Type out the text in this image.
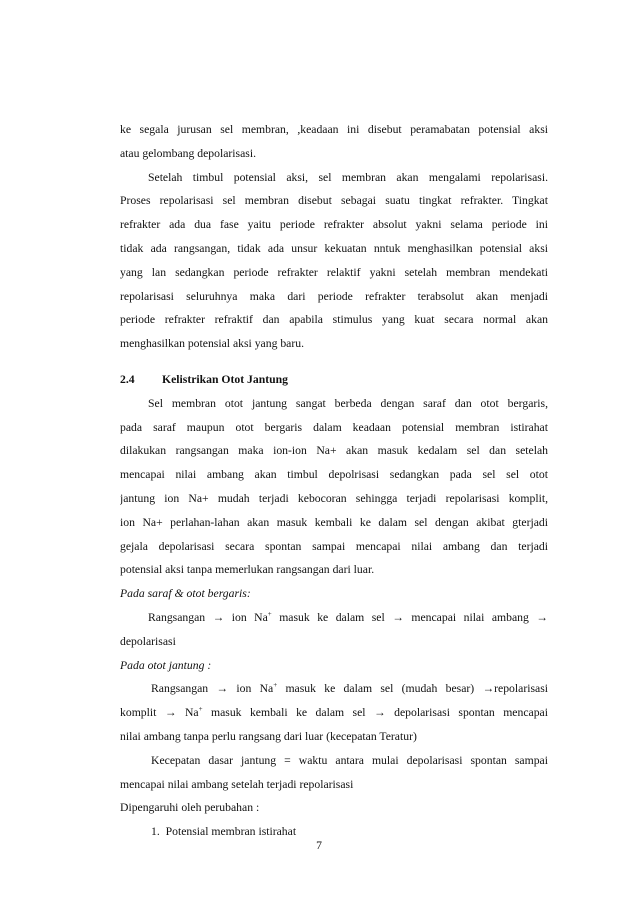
ke segala jurusan sel membran, ,keadaan ini disebut peramabatan potensial aksi
atau gelombang depolarisasi.
Setelah timbul potensial aksi, sel membran akan mengalami repolarisasi.
Proses repolarisasi sel membran disebut sebagai suatu tingkat refrakter. Tingkat
refrakter ada dua fase yaitu periode refrakter absolut yakni selama periode ini
tidak ada rangsangan, tidak ada unsur kekuatan nntuk menghasilkan potensial aksi
yang lan sedangkan periode refrakter relaktif yakni setelah membran mendekati
repolarisasi seluruhnya maka dari periode refrakter terabsolut akan menjadi
periode refrakter refraktif dan apabila stimulus yang kuat secara normal akan
menghasilkan potensial aksi yang baru.
2.4 Kelistrikan Otot Jantung
Sel membran otot jantung sangat berbeda dengan saraf dan otot bergaris,
pada saraf maupun otot bergaris dalam keadaan potensial membran istirahat
dilakukan rangsangan maka ion-ion Na+ akan masuk kedalam sel dan setelah
mencapai nilai ambang akan timbul depolrisasi sedangkan pada sel sel otot
jantung ion Na+ mudah terjadi kebocoran sehingga terjadi repolarisasi komplit,
ion Na+ perlahan-lahan akan masuk kembali ke dalam sel dengan akibat gterjadi
gejala depolarisasi secara spontan sampai mencapai nilai ambang dan terjadi
potensial aksi tanpa memerlukan rangsangan dari luar.
Pada saraf & otot bergaris:
Rangsangan → ion Na+ masuk ke dalam sel → mencapai nilai ambang →
depolarisasi
Pada otot jantung :
Rangsangan → ion Na+ masuk ke dalam sel (mudah besar) →repolarisasi
komplit → Na+ masuk kembali ke dalam sel → depolarisasi spontan mencapai
nilai ambang tanpa perlu rangsang dari luar (kecepatan Teratur)
Kecepatan dasar jantung = waktu antara mulai depolarisasi spontan sampai
mencapai nilai ambang setelah terjadi repolarisasi
Dipengaruhi oleh perubahan :
1. Potensial membran istirahat
7
